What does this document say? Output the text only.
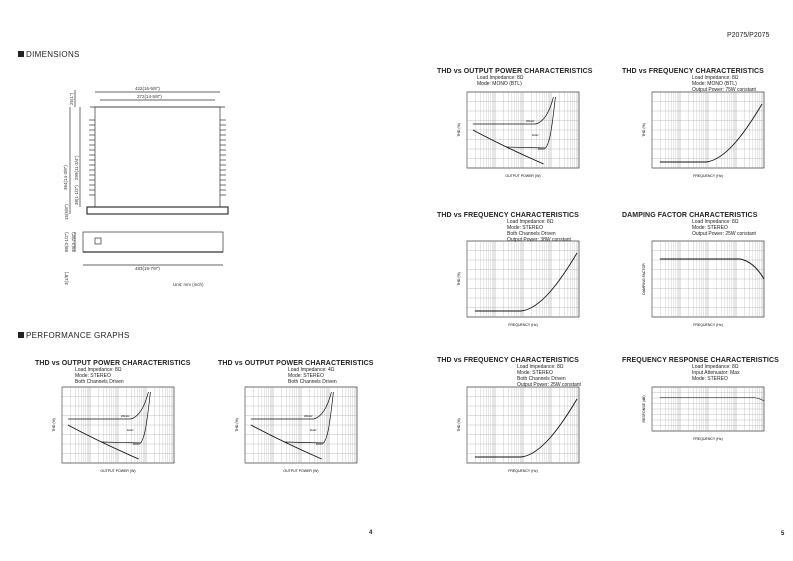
P2075/P2075
4	5
DIMENSIONS
PERFORMANCE GRAPHS
422(16-5/8")
372(14-5/8")
483(19-7/8")
Unit: mm (inch)
25(1")
364(14-3/8") 299(11-3/4")
38(1-1/2")
15(5/8")
88(3-1/2") 99(3-7/8")
3(1/8")
THD vs OUTPUT POWER CHARACTERISTICS
Load Impedance: 8Ω
Mode: MONO (BTL)
THD vs FREQUENCY CHARACTERISTICS
Load Impedance: 8Ω
Mode: MONO (BTL)
Output Power: 75W constant
THD vs FREQUENCY CHARACTERISTICS
Load Impedance: 8Ω
Mode: STEREO
Both Channels Driven
Output Power: 38W constant
DAMPING FACTOR CHARACTERISTICS
Load Impedance: 8Ω
Mode: STEREO
Output Power: 25W constant
THD vs OUTPUT POWER CHARACTERISTICS
Load Impedance: 8Ω
Mode: STEREO
Both Channels Driven
THD vs OUTPUT POWER CHARACTERISTICS
Load Impedance: 4Ω
Mode: STEREO
Both Channels Driven
THD vs FREQUENCY CHARACTERISTICS
Load Impedance: 8Ω
Mode: STEREO
Both Channels Driven
Output Power: 25W constant
FREQUENCY RESPONSE CHARACTERISTICS
Load Impedance: 8Ω
Input Attenuator: Max
Mode: STEREO
THD (%)
OUTPUT POWER (W)
20kHz
1kHz
20Hz
THD (%)
FREQUENCY (Hz)
THD (%)
FREQUENCY (Hz)
DAMPING FACTOR
FREQUENCY (Hz)
THD (%)
OUTPUT POWER (W)
20kHz
1kHz
20Hz
THD (%)
OUTPUT POWER (W)
20kHz
1kHz
20Hz
THD (%)
FREQUENCY (Hz)
RESPONSE (dB)
FREQUENCY (Hz)
